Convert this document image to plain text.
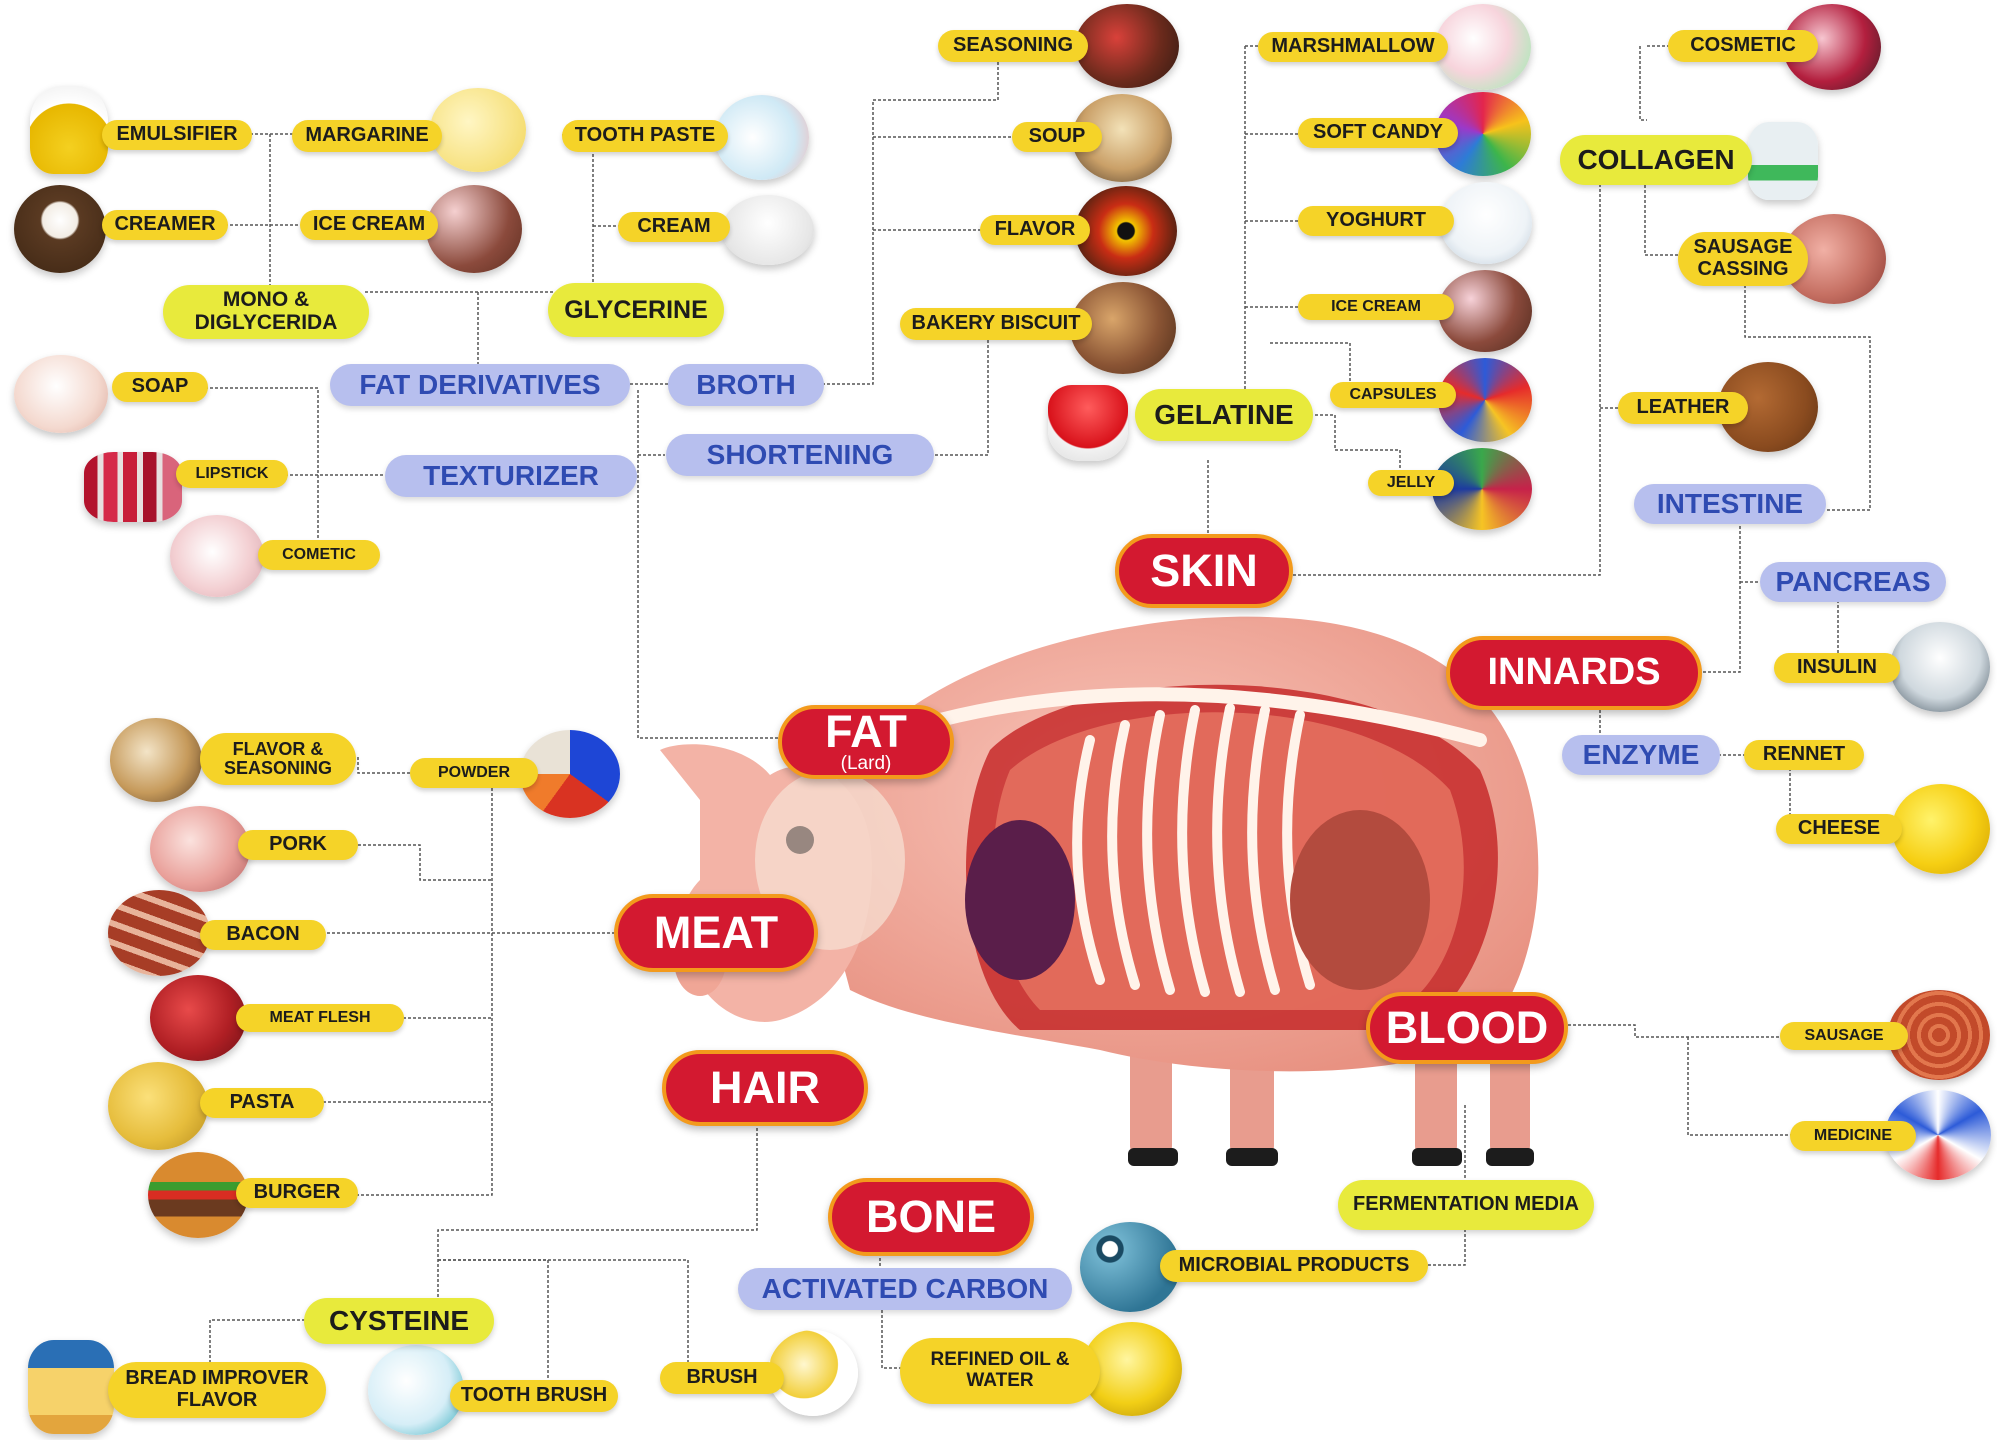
EMULSIFIER	MARGARINE
CREAMER	ICE CREAM
TOOTH PASTE
CREAM
SEASONING
SOUP
FLAVOR
BAKERY BISCUIT
SOAP
LIPSTICK
COMETIC
MARSHMALLOW
SOFT CANDY
YOGHURT
ICE CREAM
CAPSULES
JELLY
COSMETIC
SAUSAGE CASSING
LEATHER
INSULIN
RENNET
CHEESE
FLAVOR & SEASONING	POWDER
PORK
BACON
MEAT FLESH
PASTA
BURGER
BREAD IMPROVER FLAVOR	TOOTH BRUSH
BRUSH
REFINED OIL & WATER
SAUSAGE
MEDICINE
FERMENTATION MEDIA
MICROBIAL PRODUCTS
MONO & DIGLYCERIDA	GLYCERINE
GELATINE
COLLAGEN
CYSTEINE
FAT DERIVATIVES	BROTH
SHORTENING
TEXTURIZER
INTESTINE
PANCREAS
ENZYME
ACTIVATED CARBON
SKIN
INNARDS
FAT
(Lard)
MEAT
HAIR
BONE
BLOOD
